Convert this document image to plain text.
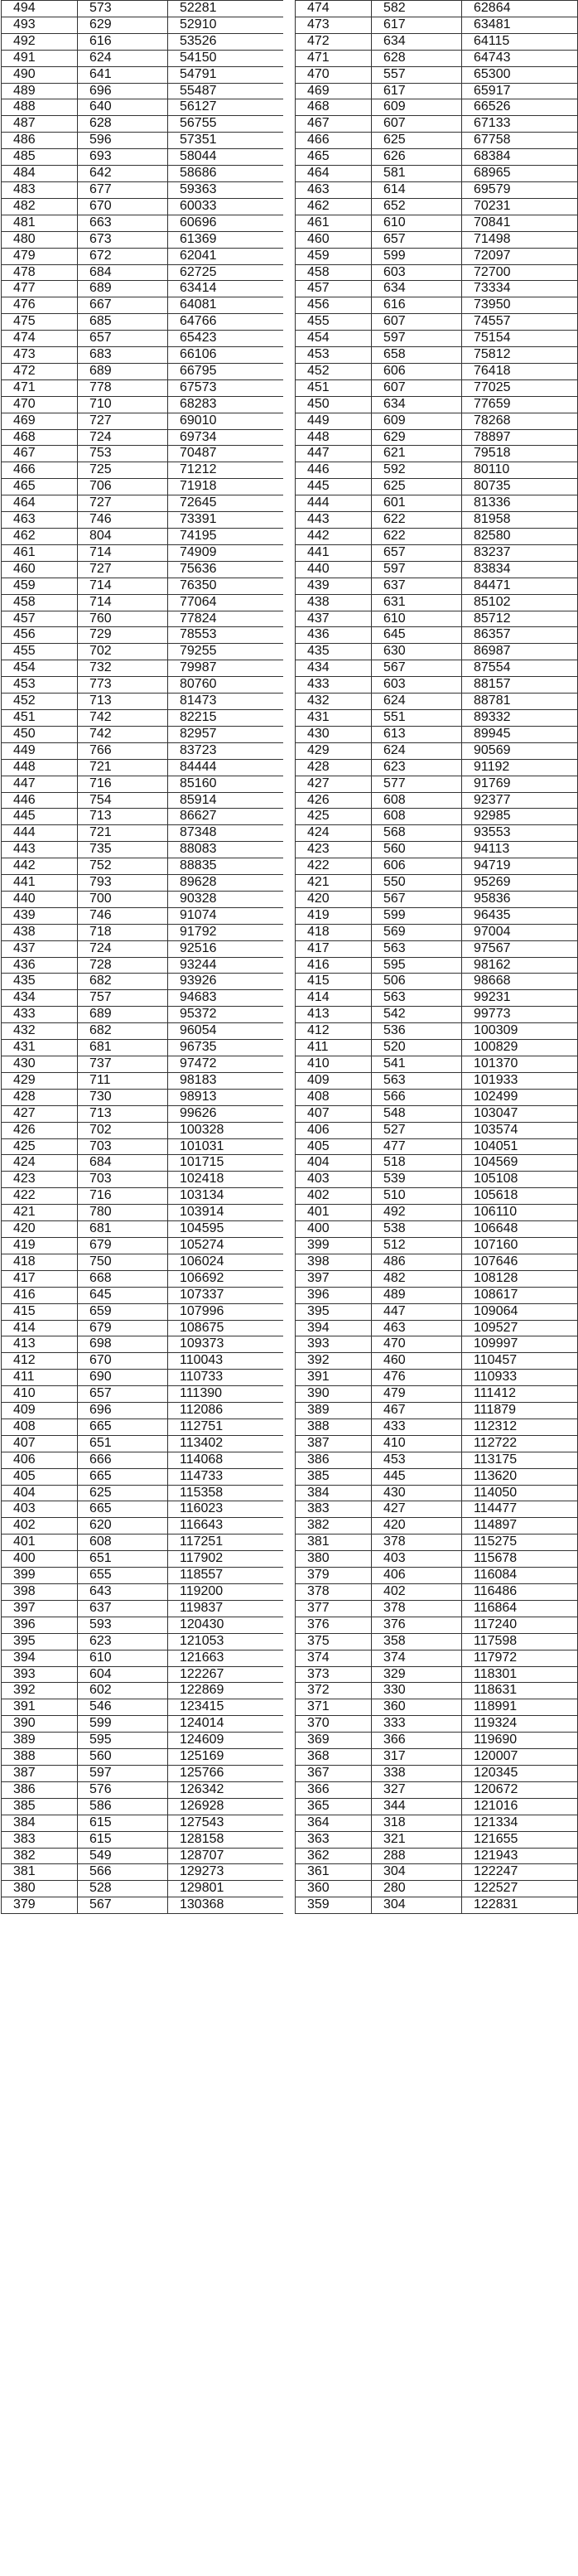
494	573	52281
493	629	52910
492	616	53526
491	624	54150
490	641	54791
489	696	55487
488	640	56127
487	628	56755
486	596	57351
485	693	58044
484	642	58686
483	677	59363
482	670	60033
481	663	60696
480	673	61369
479	672	62041
478	684	62725
477	689	63414
476	667	64081
475	685	64766
474	657	65423
473	683	66106
472	689	66795
471	778	67573
470	710	68283
469	727	69010
468	724	69734
467	753	70487
466	725	71212
465	706	71918
464	727	72645
463	746	73391
462	804	74195
461	714	74909
460	727	75636
459	714	76350
458	714	77064
457	760	77824
456	729	78553
455	702	79255
454	732	79987
453	773	80760
452	713	81473
451	742	82215
450	742	82957
449	766	83723
448	721	84444
447	716	85160
446	754	85914
445	713	86627
444	721	87348
443	735	88083
442	752	88835
441	793	89628
440	700	90328
439	746	91074
438	718	91792
437	724	92516
436	728	93244
435	682	93926
434	757	94683
433	689	95372
432	682	96054
431	681	96735
430	737	97472
429	711	98183
428	730	98913
427	713	99626
426	702	100328
425	703	101031
424	684	101715
423	703	102418
422	716	103134
421	780	103914
420	681	104595
419	679	105274
418	750	106024
417	668	106692
416	645	107337
415	659	107996
414	679	108675
413	698	109373
412	670	110043
411	690	110733
410	657	111390
409	696	112086
408	665	112751
407	651	113402
406	666	114068
405	665	114733
404	625	115358
403	665	116023
402	620	116643
401	608	117251
400	651	117902
399	655	118557
398	643	119200
397	637	119837
396	593	120430
395	623	121053
394	610	121663
393	604	122267
392	602	122869
391	546	123415
390	599	124014
389	595	124609
388	560	125169
387	597	125766
386	576	126342
385	586	126928
384	615	127543
383	615	128158
382	549	128707
381	566	129273
380	528	129801
379	567	130368
474	582	62864
473	617	63481
472	634	64115
471	628	64743
470	557	65300
469	617	65917
468	609	66526
467	607	67133
466	625	67758
465	626	68384
464	581	68965
463	614	69579
462	652	70231
461	610	70841
460	657	71498
459	599	72097
458	603	72700
457	634	73334
456	616	73950
455	607	74557
454	597	75154
453	658	75812
452	606	76418
451	607	77025
450	634	77659
449	609	78268
448	629	78897
447	621	79518
446	592	80110
445	625	80735
444	601	81336
443	622	81958
442	622	82580
441	657	83237
440	597	83834
439	637	84471
438	631	85102
437	610	85712
436	645	86357
435	630	86987
434	567	87554
433	603	88157
432	624	88781
431	551	89332
430	613	89945
429	624	90569
428	623	91192
427	577	91769
426	608	92377
425	608	92985
424	568	93553
423	560	94113
422	606	94719
421	550	95269
420	567	95836
419	599	96435
418	569	97004
417	563	97567
416	595	98162
415	506	98668
414	563	99231
413	542	99773
412	536	100309
411	520	100829
410	541	101370
409	563	101933
408	566	102499
407	548	103047
406	527	103574
405	477	104051
404	518	104569
403	539	105108
402	510	105618
401	492	106110
400	538	106648
399	512	107160
398	486	107646
397	482	108128
396	489	108617
395	447	109064
394	463	109527
393	470	109997
392	460	110457
391	476	110933
390	479	111412
389	467	111879
388	433	112312
387	410	112722
386	453	113175
385	445	113620
384	430	114050
383	427	114477
382	420	114897
381	378	115275
380	403	115678
379	406	116084
378	402	116486
377	378	116864
376	376	117240
375	358	117598
374	374	117972
373	329	118301
372	330	118631
371	360	118991
370	333	119324
369	366	119690
368	317	120007
367	338	120345
366	327	120672
365	344	121016
364	318	121334
363	321	121655
362	288	121943
361	304	122247
360	280	122527
359	304	122831
